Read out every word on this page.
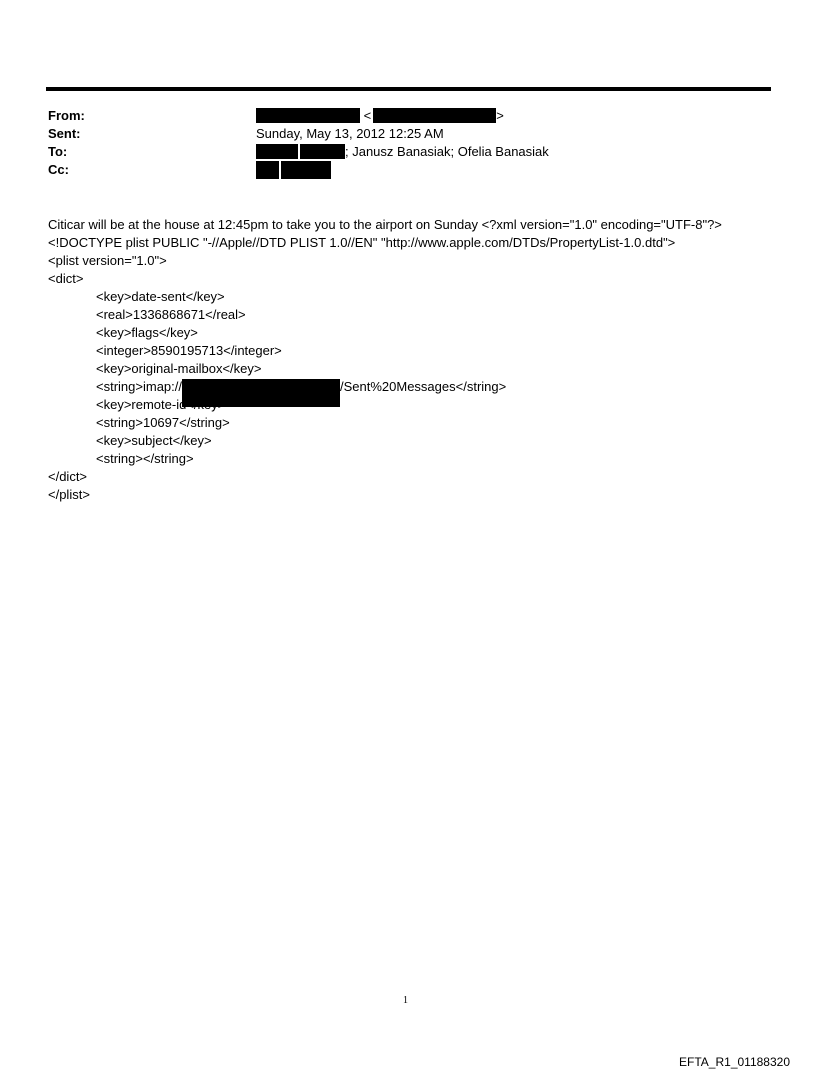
From:
Sent:
To:
Cc:
<	>
Sunday, May 13, 2012 12:25 AM
; Janusz Banasiak; Ofelia Banasiak
Citicar will be at the house at 12:45pm to take you to the airport on Sunday <?xml version="1.0" encoding="UTF-8"?>
<!DOCTYPE plist PUBLIC "-//Apple//DTD PLIST 1.0//EN" "http://www.apple.com/DTDs/PropertyList-1.0.dtd">
<plist version="1.0">
<dict>
<key>date-sent</key>
<real>1336868671</real>
<key>flags</key>
<integer>8590195713</integer>
<key>original-mailbox</key>
<string>imap://	/Sent%20Messages</string>
<key>remote-id</key>
<string>10697</string>
<key>subject</key>
<string></string>
</dict>
</plist>
1
EFTA_R1_01188320
